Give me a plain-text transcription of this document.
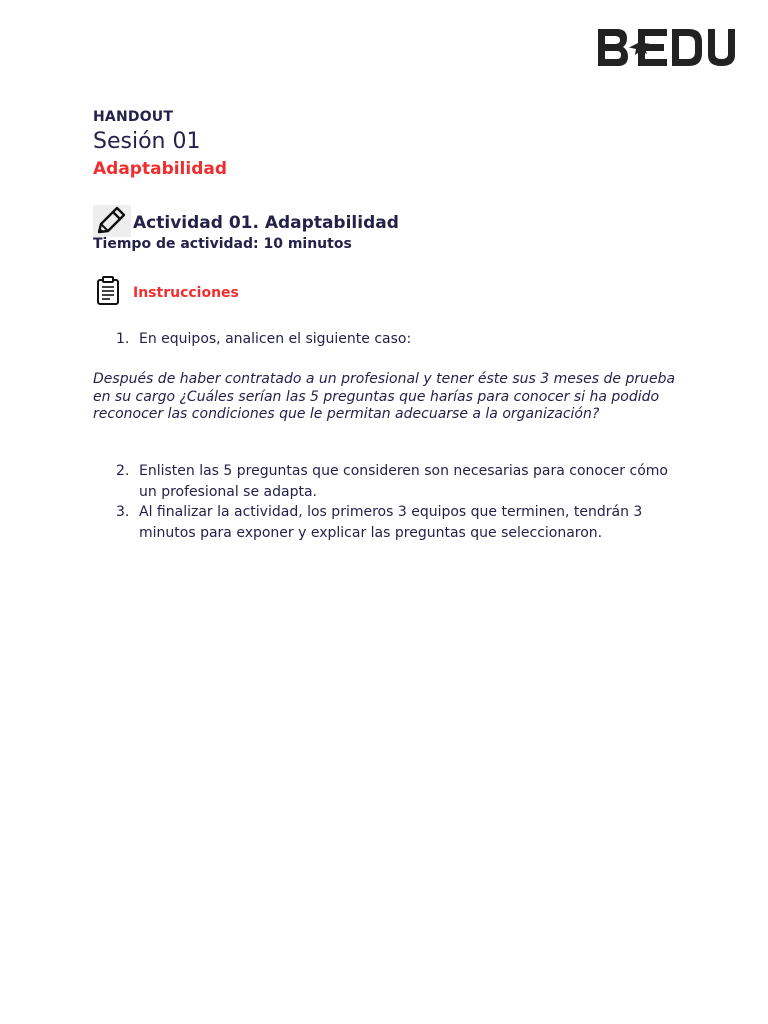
HANDOUT
Sesión 01
Adaptabilidad
Actividad 01. Adaptabilidad
Tiempo de actividad: 10 minutos
Instrucciones
1. En equipos, analicen el siguiente caso:
Después de haber contratado a un profesional y tener éste sus 3 meses de prueba en su cargo ¿Cuáles serían las 5 preguntas que harías para conocer si ha podido reconocer las condiciones que le permitan adecuarse a la organización?
2. Enlisten las 5 preguntas que consideren son necesarias para conocer cómo un profesional se adapta.
3. Al finalizar la actividad, los primeros 3 equipos que terminen, tendrán 3 minutos para exponer y explicar las preguntas que seleccionaron.
